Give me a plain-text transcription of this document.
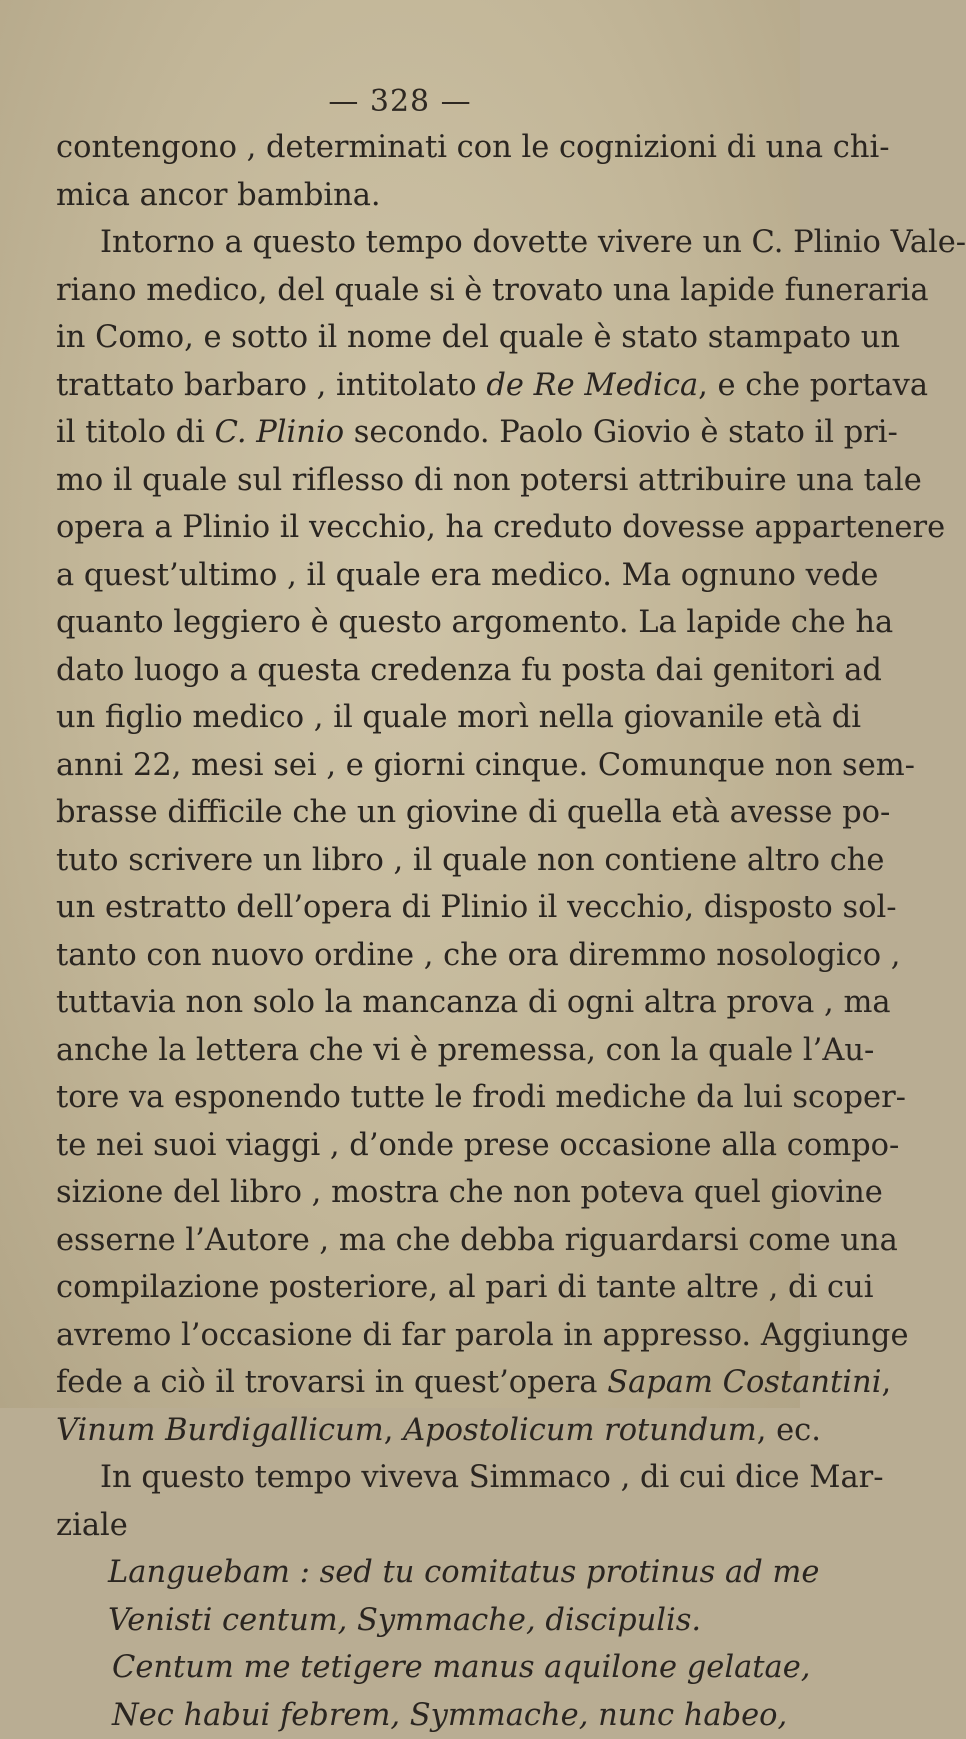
— 328 —
contengono , determinati con le cognizioni di una chi-
mica ancor bambina.
Intorno a questo tempo dovette vivere un C. Plinio Vale-
riano medico, del quale si è trovato una lapide funeraria
in Como, e sotto il nome del quale è stato stampato un
trattato barbaro , intitolato de Re Medica, e che portava
il titolo di C. Plinio secondo. Paolo Giovio è stato il pri-
mo il quale sul riflesso di non potersi attribuire una tale
opera a Plinio il vecchio, ha creduto dovesse appartenere
a quest’ultimo , il quale era medico. Ma ognuno vede
quanto leggiero è questo argomento. La lapide che ha
dato luogo a questa credenza fu posta dai genitori ad
un figlio medico , il quale morì nella giovanile età di
anni 22, mesi sei , e giorni cinque. Comunque non sem-
brasse difficile che un giovine di quella età avesse po-
tuto scrivere un libro , il quale non contiene altro che
un estratto dell’opera di Plinio il vecchio, disposto sol-
tanto con nuovo ordine , che ora diremmo nosologico ,
tuttavia non solo la mancanza di ogni altra prova , ma
anche la lettera che vi è premessa, con la quale l’Au-
tore va esponendo tutte le frodi mediche da lui scoper-
te nei suoi viaggi , d’onde prese occasione alla compo-
sizione del libro , mostra che non poteva quel giovine
esserne l’Autore , ma che debba riguardarsi come una
compilazione posteriore, al pari di tante altre , di cui
avremo l’occasione di far parola in appresso. Aggiunge
fede a ciò il trovarsi in quest’opera Sapam Costantini,
Vinum Burdigallicum, Apostolicum rotundum, ec.
In questo tempo viveva Simmaco , di cui dice Mar-
ziale
Languebam : sed tu comitatus protinus ad me
Venisti centum, Symmache, discipulis.
Centum me tetigere manus aquilone gelatae,
Nec habui febrem, Symmache, nunc habeo,
